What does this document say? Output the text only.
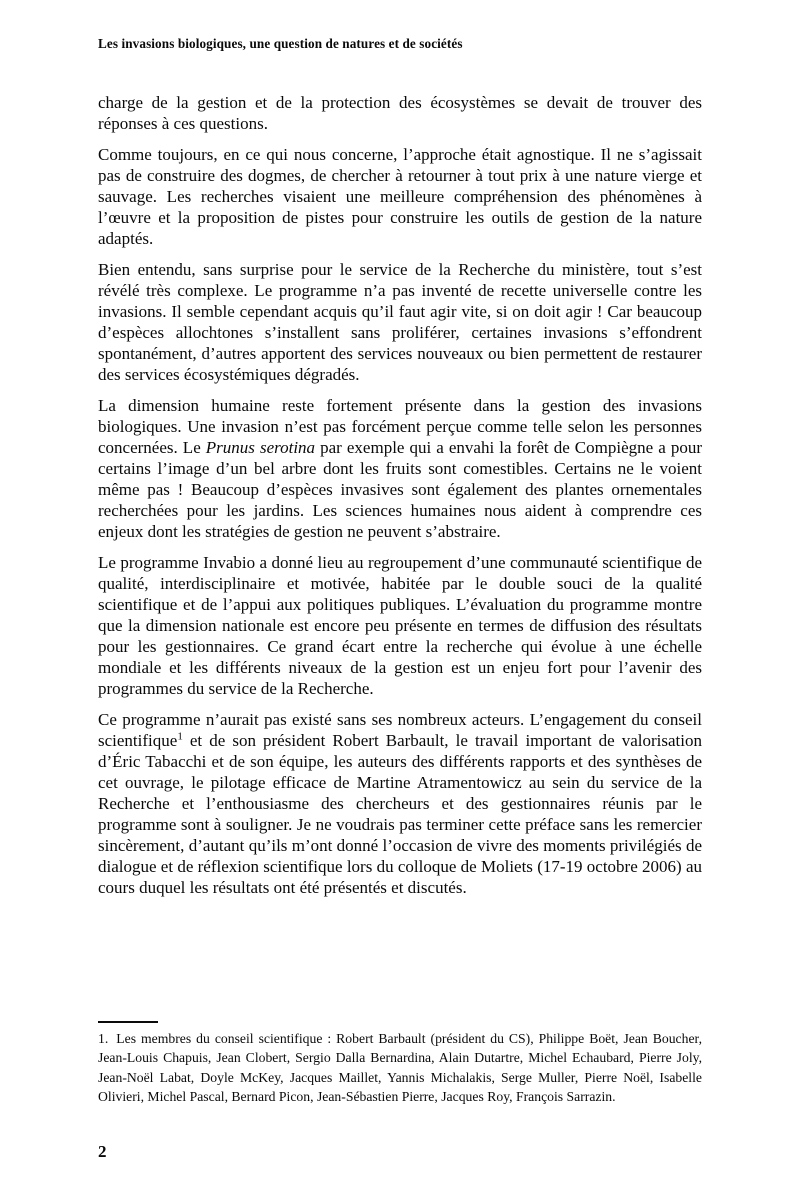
Les invasions biologiques, une question de natures et de sociétés

charge de la gestion et de la protection des écosystèmes se devait de trouver des réponses à ces questions.

Comme toujours, en ce qui nous concerne, l’approche était agnostique. Il ne s’agissait pas de construire des dogmes, de chercher à retourner à tout prix à une nature vierge et sauvage. Les recherches visaient une meilleure compréhension des phénomènes à l’œuvre et la proposition de pistes pour construire les outils de gestion de la nature adaptés.

Bien entendu, sans surprise pour le service de la Recherche du ministère, tout s’est révélé très complexe. Le programme n’a pas inventé de recette universelle contre les invasions. Il semble cependant acquis qu’il faut agir vite, si on doit agir ! Car beaucoup d’espèces allochtones s’installent sans proliférer, certaines invasions s’effondrent spontanément, d’autres apportent des services nouveaux ou bien permettent de restaurer des services écosystémiques dégradés.

La dimension humaine reste fortement présente dans la gestion des invasions biologiques. Une invasion n’est pas forcément perçue comme telle selon les personnes concernées. Le Prunus serotina par exemple qui a envahi la forêt de Compiègne a pour certains l’image d’un bel arbre dont les fruits sont comestibles. Certains ne le voient même pas ! Beaucoup d’espèces invasives sont également des plantes ornementales recherchées pour les jardins. Les sciences humaines nous aident à comprendre ces enjeux dont les stratégies de gestion ne peuvent s’abstraire.

Le programme Invabio a donné lieu au regroupement d’une communauté scientifique de qualité, interdisciplinaire et motivée, habitée par le double souci de la qualité scientifique et de l’appui aux politiques publiques. L’évaluation du programme montre que la dimension nationale est encore peu présente en termes de diffusion des résultats pour les gestionnaires. Ce grand écart entre la recherche qui évolue à une échelle mondiale et les différents niveaux de la gestion est un enjeu fort pour l’avenir des programmes du service de la Recherche.

Ce programme n’aurait pas existé sans ses nombreux acteurs. L’engagement du conseil scientifique$^1$ et de son président Robert Barbault, le travail important de valorisation d’Éric Tabacchi et de son équipe, les auteurs des différents rapports et des synthèses de cet ouvrage, le pilotage efficace de Martine Atramentowicz au sein du service de la Recherche et l’enthousiasme des chercheurs et des gestionnaires réunis par le programme sont à souligner. Je ne voudrais pas terminer cette préface sans les remercier sincèrement, d’autant qu’ils m’ont donné l’occasion de vivre des moments privilégiés de dialogue et de réflexion scientifique lors du colloque de Moliets (17-19 octobre 2006) au cours duquel les résultats ont été présentés et discutés.

1. Les membres du conseil scientifique : Robert Barbault (président du CS), Philippe Boët, Jean Boucher, Jean-Louis Chapuis, Jean Clobert, Sergio Dalla Bernardina, Alain Dutartre, Michel Echaubard, Pierre Joly, Jean-Noël Labat, Doyle McKey, Jacques Maillet, Yannis Michalakis, Serge Muller, Pierre Noël, Isabelle Olivieri, Michel Pascal, Bernard Picon, Jean-Sébastien Pierre, Jacques Roy, François Sarrazin.

2
